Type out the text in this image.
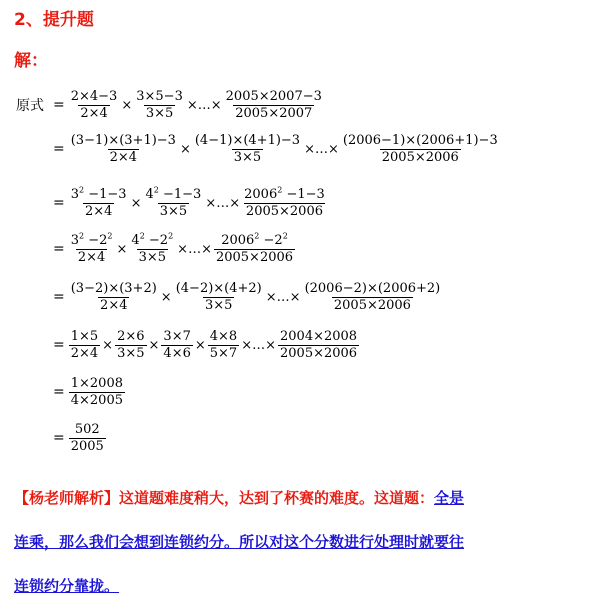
2、提升题
解：
原式 = $\frac{2\times 4-3}{2\times 4} \times \frac{3\times 5-3}{3\times 5}$ ×…× $\frac{2005\times 2007-3}{2005\times 2007}$
= $\frac{(3-1)\times(3+1)-3}{2\times 4} \times \frac{(4-1)\times(4+1)-3}{3\times 5}$ ×…× $\frac{(2006-1)\times(2006+1)-3}{2005\times 2006}$
= $\frac{3^2 -1-3}{2\times 4} \times \frac{4^2 -1-3}{3\times 5}$ ×…× $\frac{2006^2 -1-3}{2005\times 2006}$
= $\frac{3^2 -2^2}{2\times 4} \times \frac{4^2 -2^2}{3\times 5}$ ×…× $\frac{2006^2 -2^2}{2005\times 2006}$
= $\frac{(3-2)\times(3+2)}{2\times 4} \times \frac{(4-2)\times(4+2)}{3\times 5}$ ×…× $\frac{(2006-2)\times(2006+2)}{2005\times 2006}$
= $\frac{1\times 5}{2\times 4} \times \frac{2\times 6}{3\times 5} \times \frac{3\times 7}{4\times 6} \times \frac{4\times 8}{5\times 7}$ ×…× $\frac{2004\times 2008}{2005\times 2006}$
= $\frac{1\times 2008}{4\times 2005}$
= $\frac{502}{2005}$
【杨老师解析】这道题难度稍大，达到了杯赛的难度。这道题：全是
连乘，那么我们会想到连锁约分。所以对这个分数进行处理时就要往
连锁约分靠拢。
